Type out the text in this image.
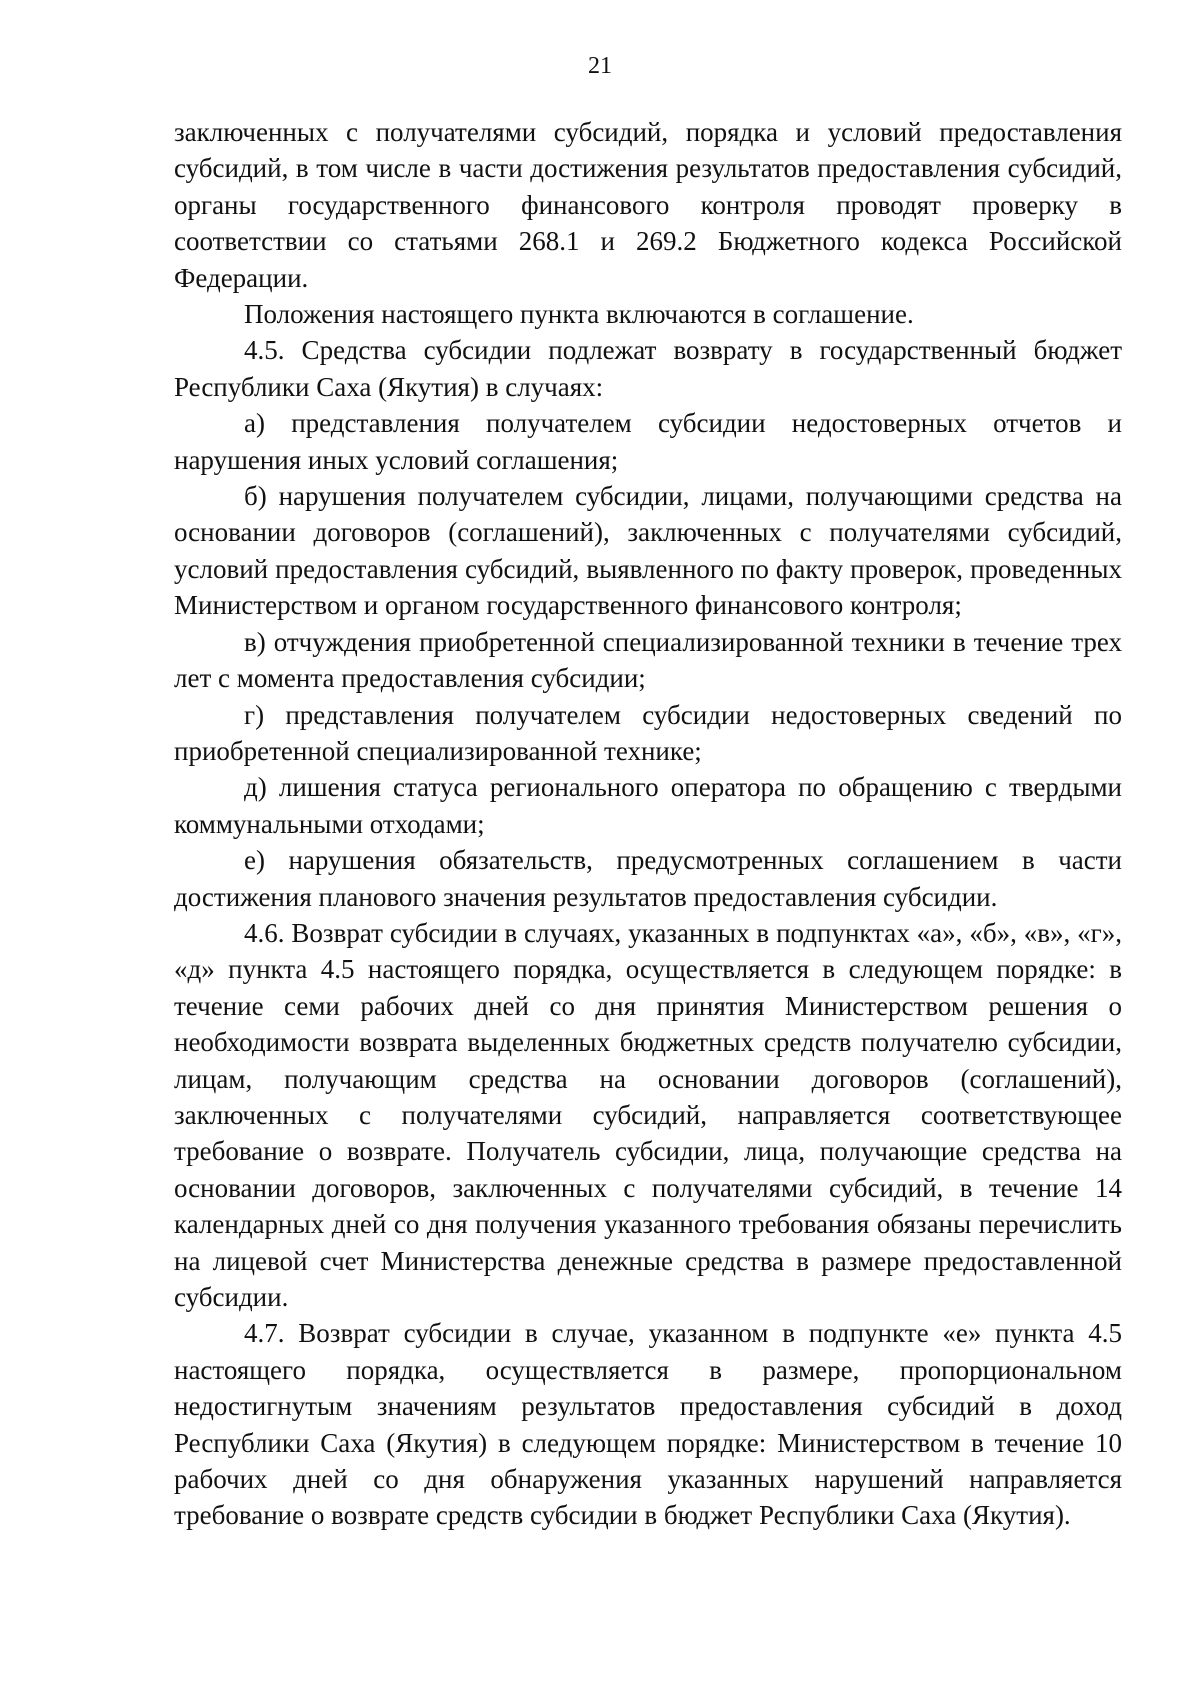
21

заключенных с получателями субсидий, порядка и условий предоставления субсидий, в том числе в части достижения результатов предоставления субсидий, органы государственного финансового контроля проводят проверку в соответствии со статьями 268.1 и 269.2 Бюджетного кодекса Российской Федерации.

Положения настоящего пункта включаются в соглашение.

4.5. Средства субсидии подлежат возврату в государственный бюджет Республики Саха (Якутия) в случаях:

а) представления получателем субсидии недостоверных отчетов и нарушения иных условий соглашения;

б) нарушения получателем субсидии, лицами, получающими средства на основании договоров (соглашений), заключенных с получателями субсидий, условий предоставления субсидий, выявленного по факту проверок, проведенных Министерством и органом государственного финансового контроля;

в) отчуждения приобретенной специализированной техники в течение трех лет с момента предоставления субсидии;

г) представления получателем субсидии недостоверных сведений по приобретенной специализированной технике;

д) лишения статуса регионального оператора по обращению с твердыми коммунальными отходами;

е) нарушения обязательств, предусмотренных соглашением в части достижения планового значения результатов предоставления субсидии.

4.6. Возврат субсидии в случаях, указанных в подпунктах «а», «б», «в», «г», «д» пункта 4.5 настоящего порядка, осуществляется в следующем порядке: в течение семи рабочих дней со дня принятия Министерством решения о необходимости возврата выделенных бюджетных средств получателю субсидии, лицам, получающим средства на основании договоров (соглашений), заключенных с получателями субсидий, направляется соответствующее требование о возврате. Получатель субсидии, лица, получающие средства на основании договоров, заключенных с получателями субсидий, в течение 14 календарных дней со дня получения указанного требования обязаны перечислить на лицевой счет Министерства денежные средства в размере предоставленной субсидии.

4.7. Возврат субсидии в случае, указанном в подпункте «е» пункта 4.5 настоящего порядка, осуществляется в размере, пропорциональном недостигнутым значениям результатов предоставления субсидий в доход Республики Саха (Якутия) в следующем порядке: Министерством в течение 10 рабочих дней со дня обнаружения указанных нарушений направляется требование о возврате средств субсидии в бюджет Республики Саха (Якутия).
